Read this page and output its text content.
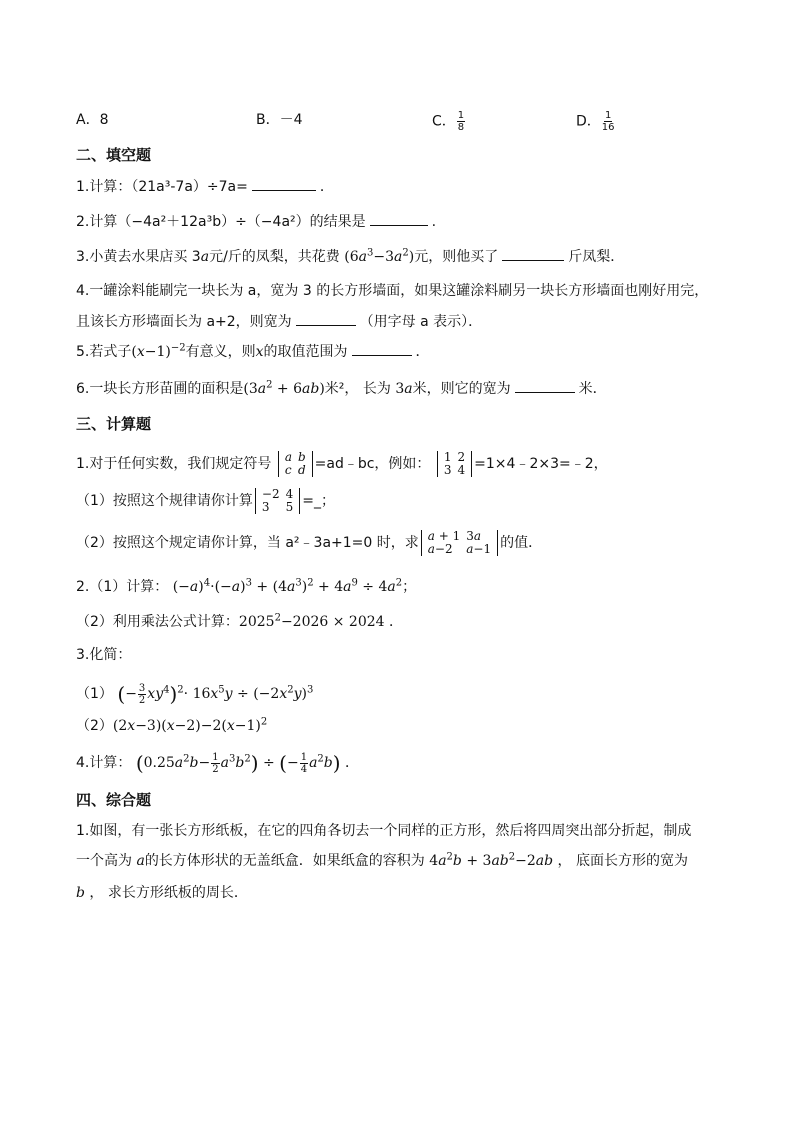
A．8	B．－4	C． $\frac{1}{8}$	D． $\frac{1}{16}$
二、填空题
1.计算：（21a³-7a）÷7a=	．
2.计算（−4a²＋12a³b）÷（−4a²）的结果是	.
3.小黄去水果店买 3a元/斤的凤梨，共花费 $(6a^3-3a^2)$元，则他买了	斤凤梨．
4.一罐涂料能刷完一块长为 a，宽为 3 的长方形墙面，如果这罐涂料刷另一块长方形墙面也刚好用完，
且该长方形墙面长为 a+2，则宽为	（用字母 a 表示）．
5.若式子$(x-1)^{-2}$有意义，则x的取值范围为	．
6.一块长方形苗圃的面积是$(3a^2 + 6ab)$米²， 长为 3a米，则它的宽为	米．
三、计算题
1.对于任何实数，我们规定符号 a	b
c	d =ad﹣bc，例如： 1	2
3	4 =1×4﹣2×3=﹣2，
（1）按照这个规律请你计算 −2	4
3	5 =_；
（2）按照这个规定请你计算，当 a²﹣3a+1=0 时，求 a + 1	3a
a−2	a−1 的值．
2.（1）计算： $(-a)^4\cdot(-a)^3 + (4a^3)^2 + 4a^9 \div 4a^2$；
（2）利用乘法公式计算：$2025^2-2026 \times 2024$ ．
3.化简：
（1） (− $\frac{3}{2} xy^4)^2\cdot 16x^5y \div (-2x^2y)^3$
$(2)(2x-3)(x-2)-2(x-1)^2$
4.计算： $(0.25a^2b- \frac{1}{2} a^3b^2)$ ÷ (− $\frac{1}{4} a^2b$) ．
四、综合题
1.如图，有一张长方形纸板，在它的四角各切去一个同样的正方形，然后将四周突出部分折起，制成
一个高为 a的长方体形状的无盖纸盒．如果纸盒的容积为 $4a^2b + 3ab^2-2ab$ ， 底面长方形的宽为
b ， 求长方形纸板的周长．
